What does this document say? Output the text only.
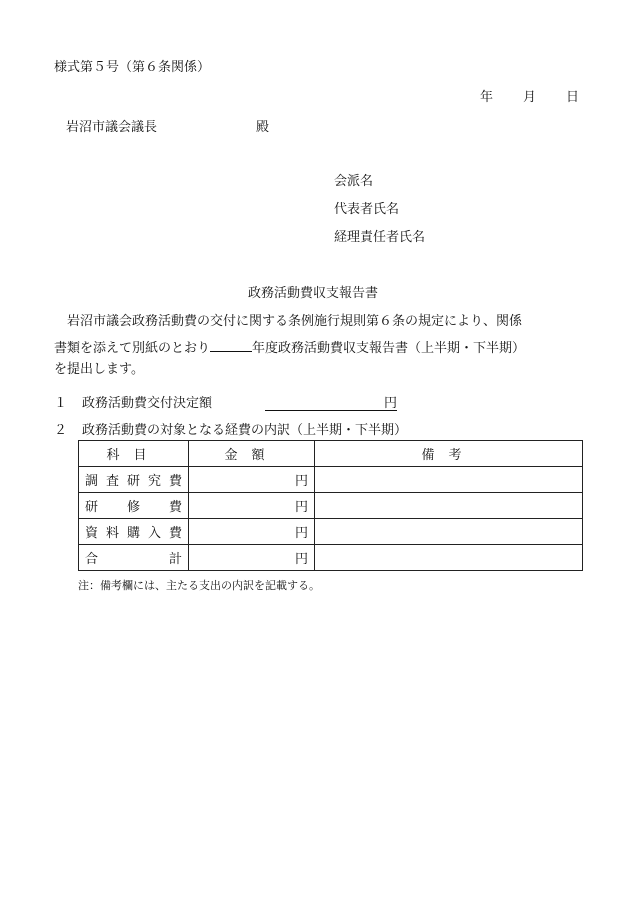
様式第５号（第６条関係）
年 月 日
岩沼市議会議長	殿
会派名
代表者氏名
経理責任者氏名
政務活動費収支報告書
岩沼市議会政務活動費の交付に関する条例施行規則第６条の規定により、関係
書類を添えて別紙のとおり	年度政務活動費収支報告書（上半期・下半期）
を提出します。
１ 政務活動費交付決定額	円
２ 政務活動費の対象となる経費の内訳（上半期・下半期）
科目	金額	備考
調査研究費	円	
研修費	円	
資料購入費	円	
合計	円	
注：備考欄には、主たる支出の内訳を記載する。
